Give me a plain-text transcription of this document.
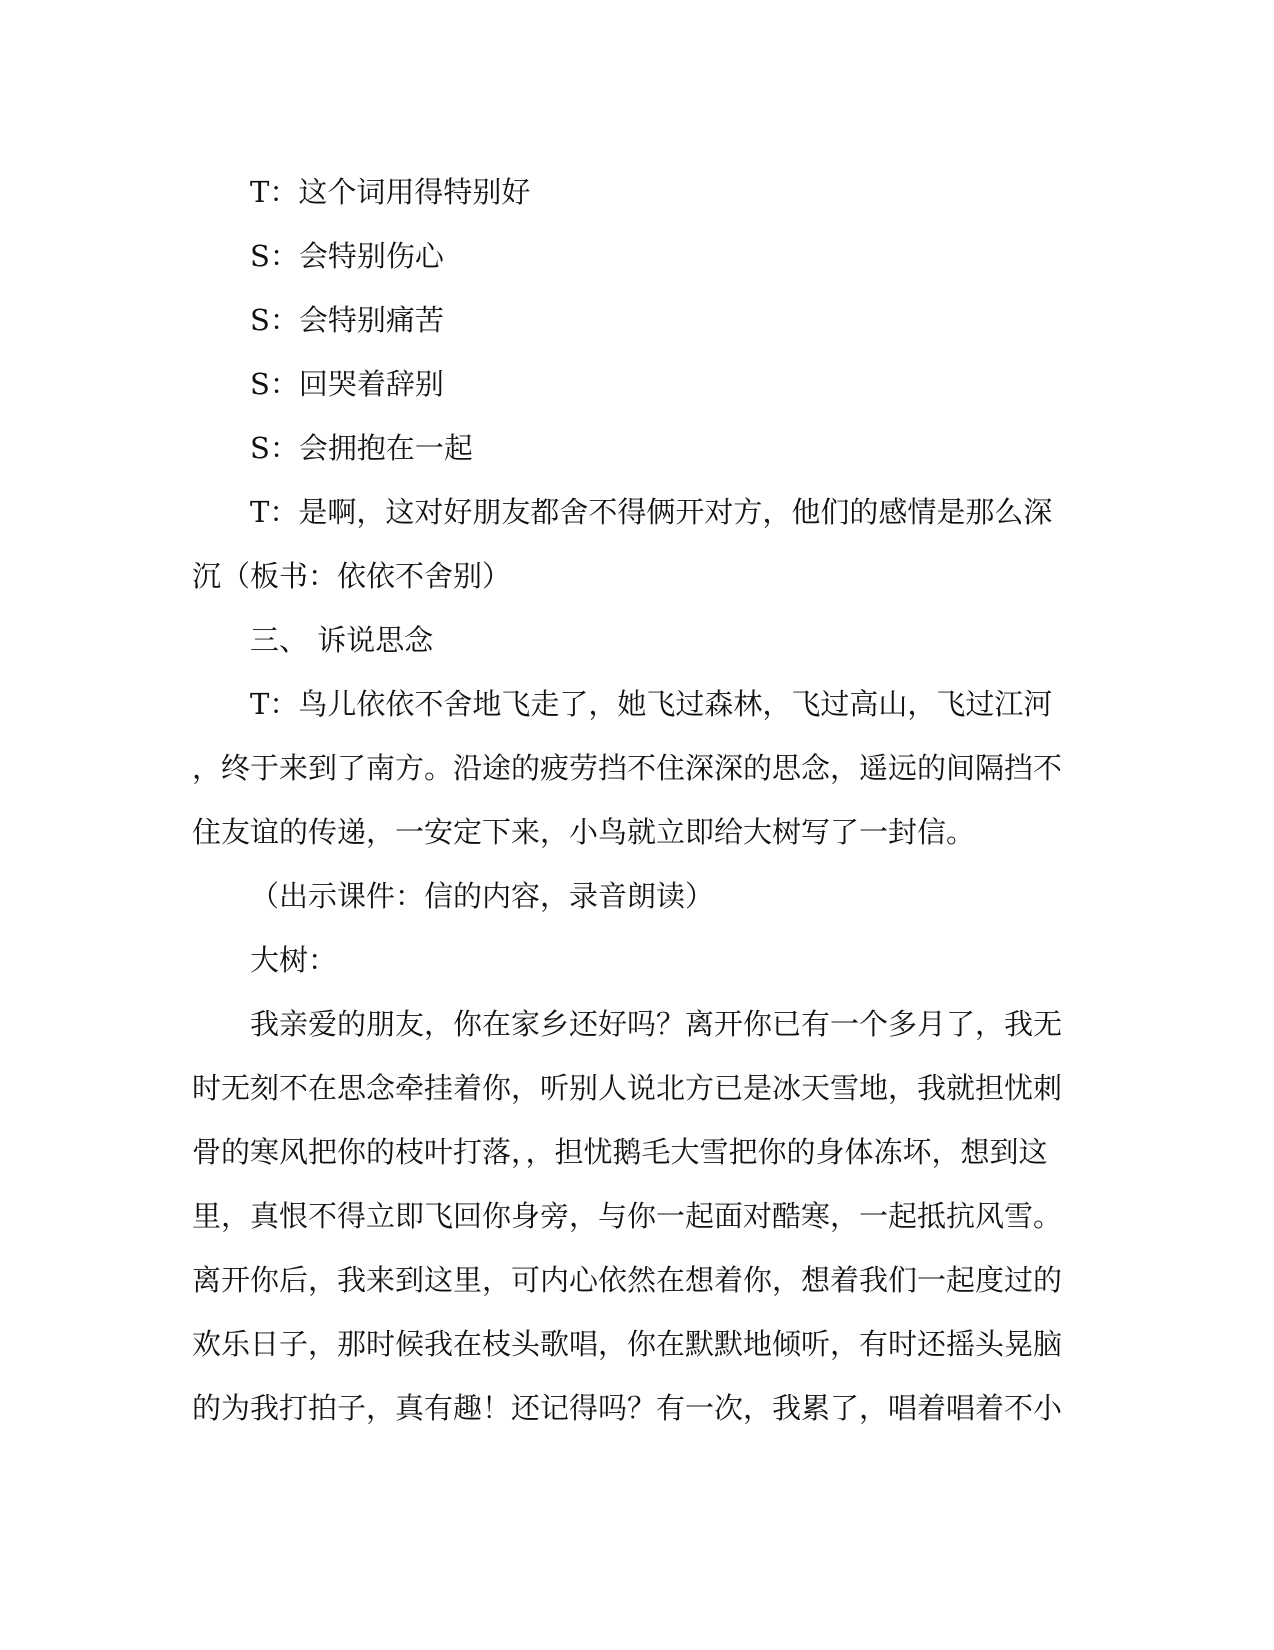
T：这个词用得特别好
S：会特别伤心
S：会特别痛苦
S：回哭着辞别
S：会拥抱在一起
T：是啊，这对好朋友都舍不得俩开对方，他们的感情是那么深
沉（板书：依依不舍别）
三、 诉说思念
T：鸟儿依依不舍地飞走了，她飞过森林，飞过高山，飞过江河
，终于来到了南方。沿途的疲劳挡不住深深的思念，遥远的间隔挡不
住友谊的传递，一安定下来，小鸟就立即给大树写了一封信。
（出示课件：信的内容，录音朗读）
大树：
我亲爱的朋友，你在家乡还好吗？离开你已有一个多月了，我无
时无刻不在思念牵挂着你，听别人说北方已是冰天雪地，我就担忧刺
骨的寒风把你的枝叶打落，，担忧鹅毛大雪把你的身体冻坏，想到这
里，真恨不得立即飞回你身旁，与你一起面对酷寒，一起抵抗风雪。
离开你后，我来到这里，可内心依然在想着你，想着我们一起度过的
欢乐日子，那时候我在枝头歌唱，你在默默地倾听，有时还摇头晃脑
的为我打拍子，真有趣！还记得吗？有一次，我累了，唱着唱着不小
